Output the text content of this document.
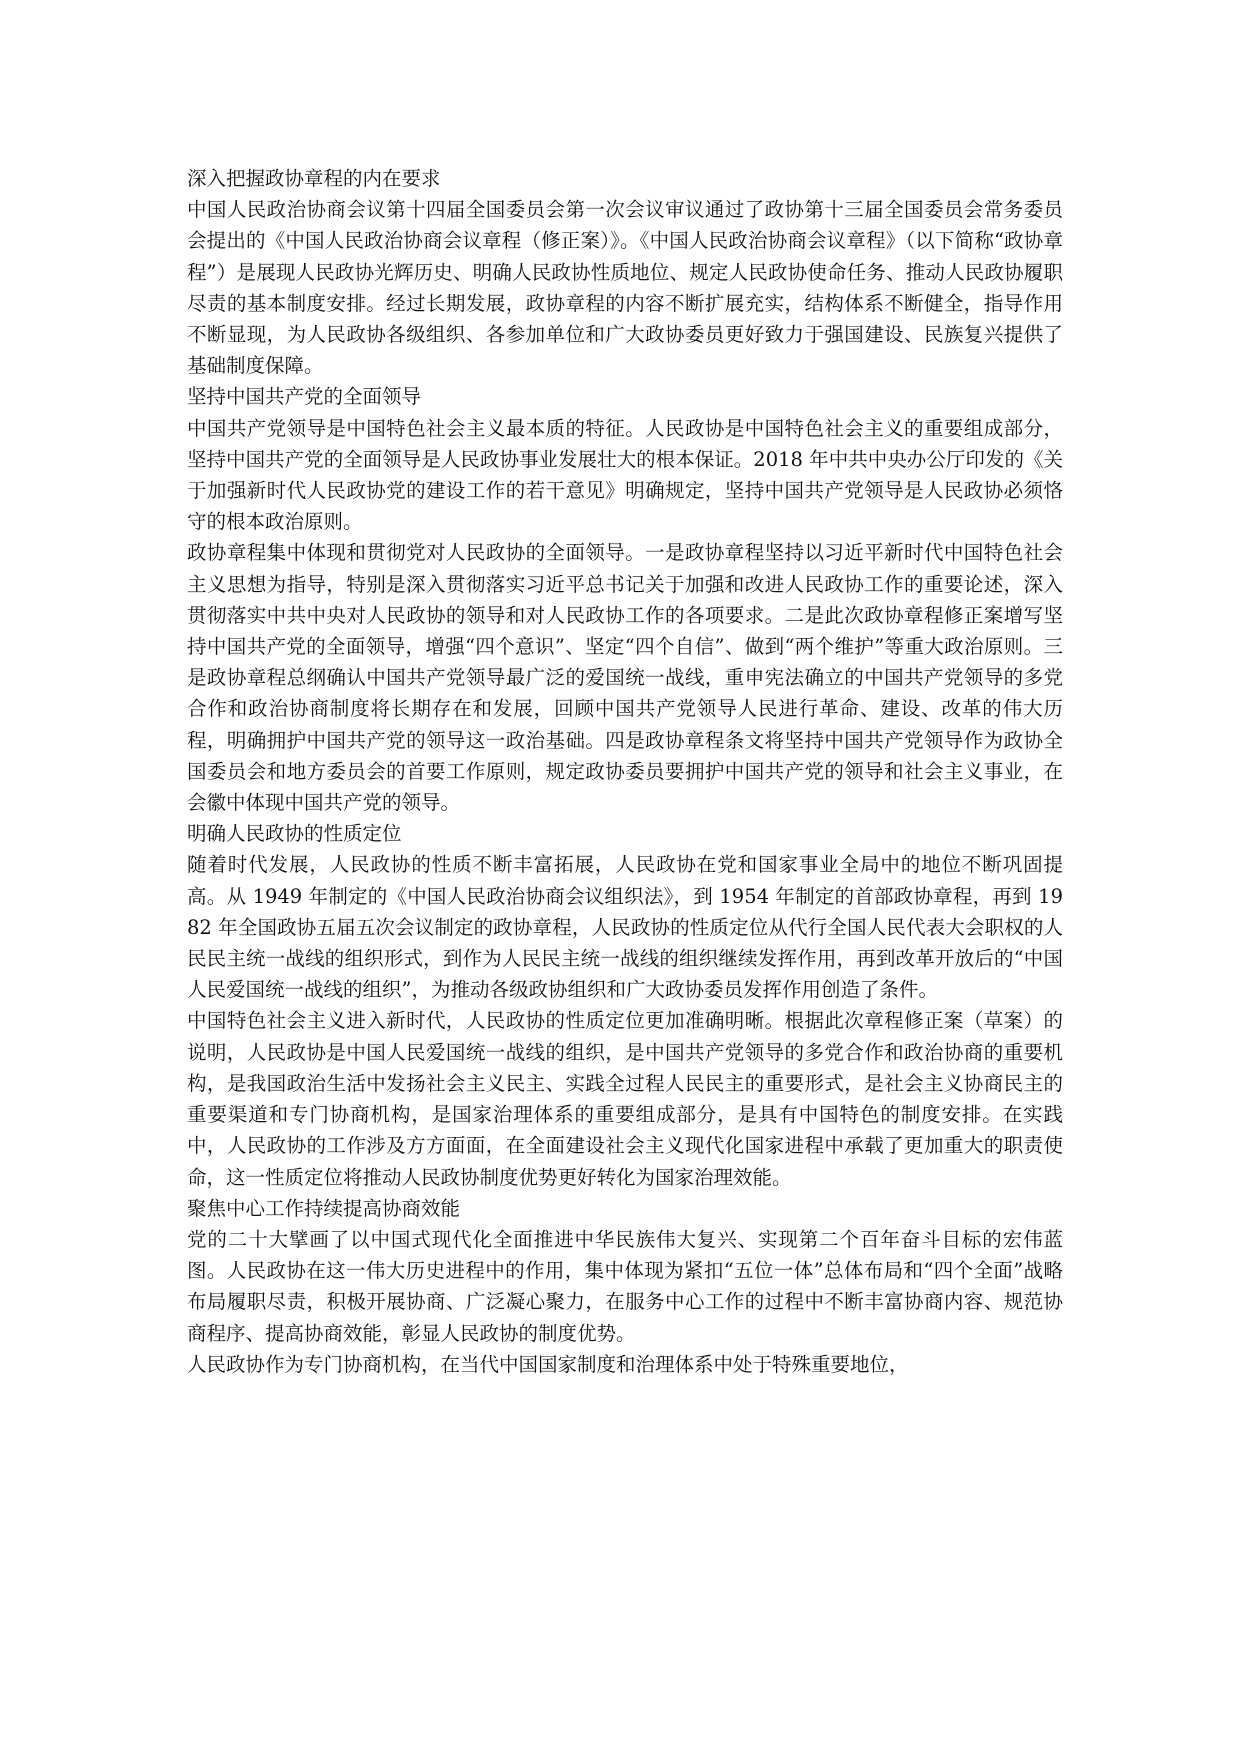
深入把握政协章程的内在要求

中国人民政治协商会议第十四届全国委员会第一次会议审议通过了政协第十三届全国委员会常务委员会提出的《中国人民政治协商会议章程（修正案）》。《中国人民政治协商会议章程》（以下简称“政协章程”）是展现人民政协光辉历史、明确人民政协性质地位、规定人民政协使命任务、推动人民政协履职尽责的基本制度安排。经过长期发展，政协章程的内容不断扩展充实，结构体系不断健全，指导作用不断显现，为人民政协各级组织、各参加单位和广大政协委员更好致力于强国建设、民族复兴提供了基础制度保障。

坚持中国共产党的全面领导

中国共产党领导是中国特色社会主义最本质的特征。人民政协是中国特色社会主义的重要组成部分，坚持中国共产党的全面领导是人民政协事业发展壮大的根本保证。2018 年中共中央办公厅印发的《关于加强新时代人民政协党的建设工作的若干意见》明确规定，坚持中国共产党领导是人民政协必须恪守的根本政治原则。

政协章程集中体现和贯彻党对人民政协的全面领导。一是政协章程坚持以习近平新时代中国特色社会主义思想为指导，特别是深入贯彻落实习近平总书记关于加强和改进人民政协工作的重要论述，深入贯彻落实中共中央对人民政协的领导和对人民政协工作的各项要求。二是此次政协章程修正案增写坚持中国共产党的全面领导，增强“四个意识”、坚定“四个自信”、做到“两个维护”等重大政治原则。三是政协章程总纲确认中国共产党领导最广泛的爱国统一战线，重申宪法确立的中国共产党领导的多党合作和政治协商制度将长期存在和发展，回顾中国共产党领导人民进行革命、建设、改革的伟大历程，明确拥护中国共产党的领导这一政治基础。四是政协章程条文将坚持中国共产党领导作为政协全国委员会和地方委员会的首要工作原则，规定政协委员要拥护中国共产党的领导和社会主义事业，在会徽中体现中国共产党的领导。

明确人民政协的性质定位

随着时代发展，人民政协的性质不断丰富拓展，人民政协在党和国家事业全局中的地位不断巩固提高。从 1949 年制定的《中国人民政治协商会议组织法》，到 1954 年制定的首部政协章程，再到 1982 年全国政协五届五次会议制定的政协章程，人民政协的性质定位从代行全国人民代表大会职权的人民民主统一战线的组织形式，到作为人民民主统一战线的组织继续发挥作用，再到改革开放后的“中国人民爱国统一战线的组织”，为推动各级政协组织和广大政协委员发挥作用创造了条件。

中国特色社会主义进入新时代，人民政协的性质定位更加准确明晰。根据此次章程修正案（草案）的说明，人民政协是中国人民爱国统一战线的组织，是中国共产党领导的多党合作和政治协商的重要机构，是我国政治生活中发扬社会主义民主、实践全过程人民民主的重要形式，是社会主义协商民主的重要渠道和专门协商机构，是国家治理体系的重要组成部分，是具有中国特色的制度安排。在实践中，人民政协的工作涉及方方面面，在全面建设社会主义现代化国家进程中承载了更加重大的职责使命，这一性质定位将推动人民政协制度优势更好转化为国家治理效能。

聚焦中心工作持续提高协商效能

党的二十大擘画了以中国式现代化全面推进中华民族伟大复兴、实现第二个百年奋斗目标的宏伟蓝图。人民政协在这一伟大历史进程中的作用，集中体现为紧扣“五位一体”总体布局和“四个全面”战略布局履职尽责，积极开展协商、广泛凝心聚力，在服务中心工作的过程中不断丰富协商内容、规范协商程序、提高协商效能，彰显人民政协的制度优势。

人民政协作为专门协商机构，在当代中国国家制度和治理体系中处于特殊重要地位，
